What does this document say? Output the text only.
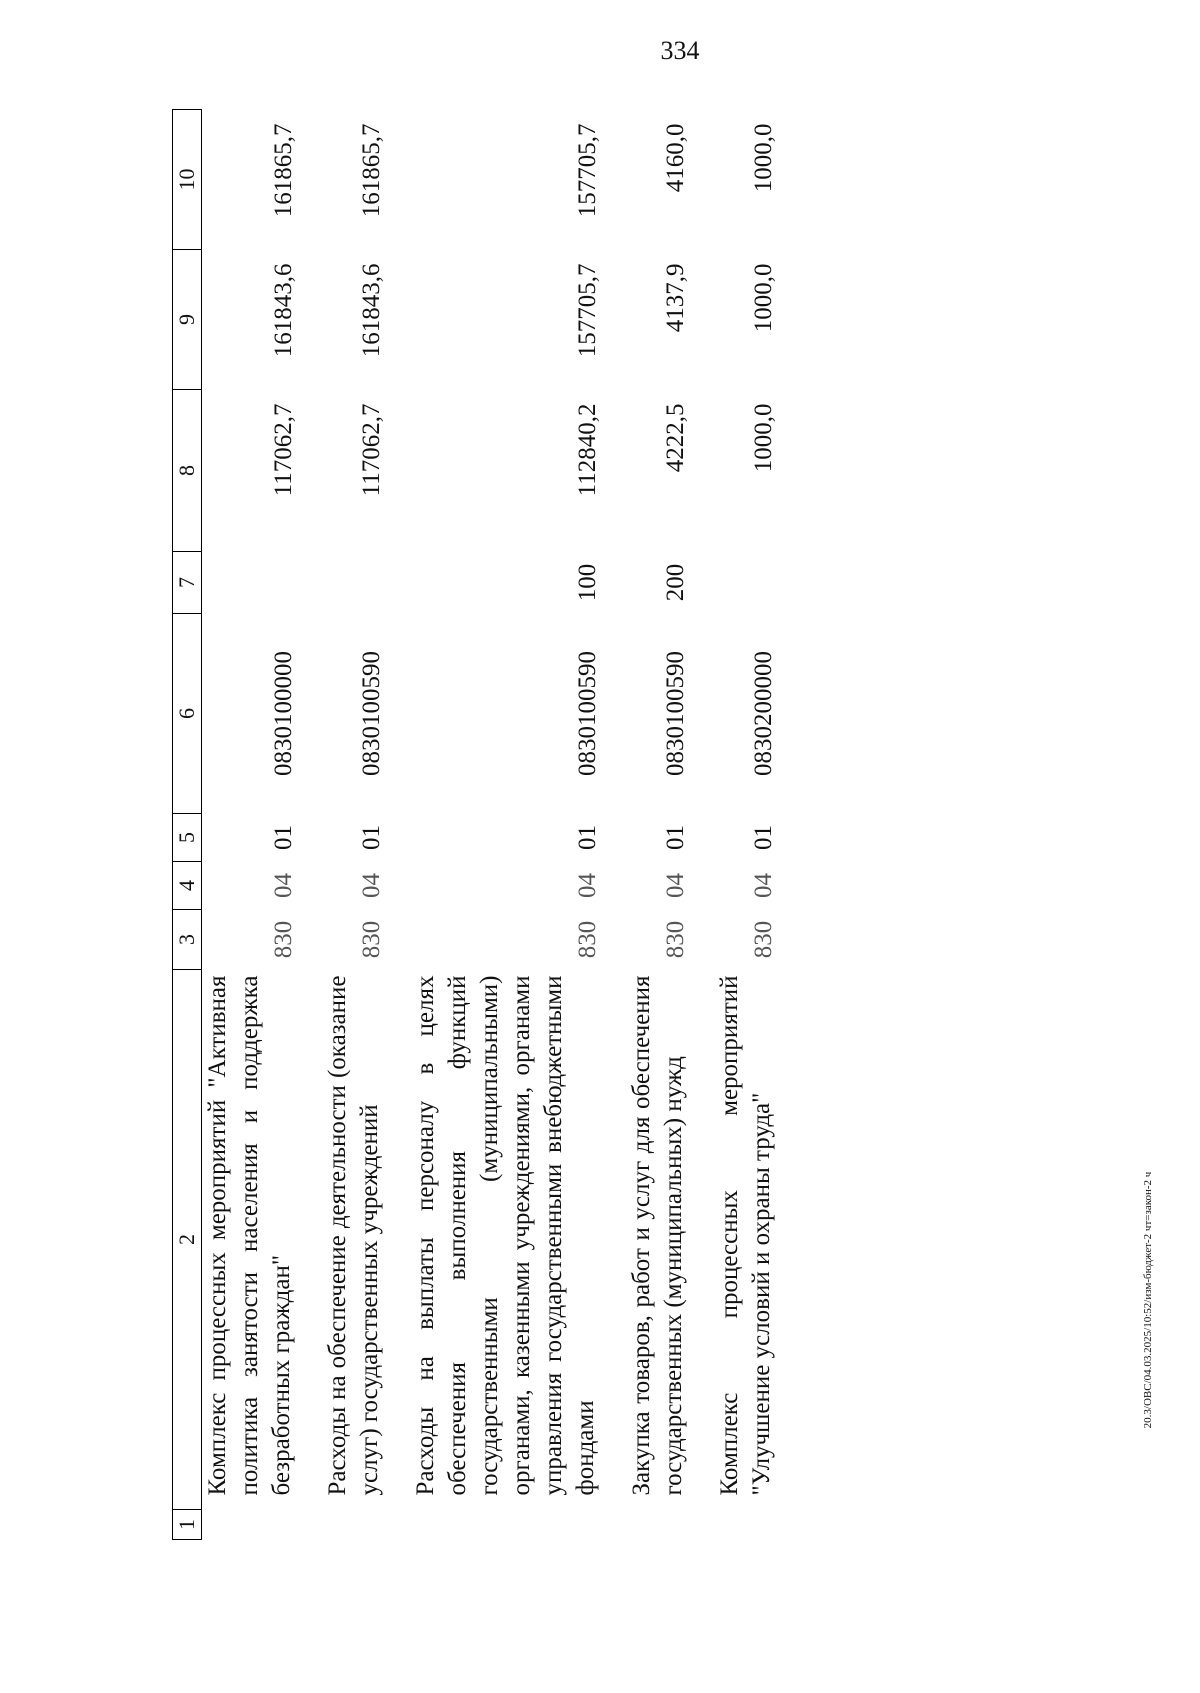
334
20.3/ОВС/04.03.2025/10:52/изм-бюджет-2 чт=закон-2 ч
1	2	3	4	5	6	7	8	9	10
	Комплекс процессных мероприятий "Активная политика занятости населения и поддержка безработных граждан"	830	04	01	0830100000		117062,7	161843,6	161865,7
	Расходы на обеспечение деятельности (оказание услуг) государственных учреждений	830	04	01	0830100590		117062,7	161843,6	161865,7
	Расходы на выплаты персоналу в целях обеспечения выполнения функций государственными (муниципальными) органами, казенными учреждениями, органами управления государственными внебюджетными фондами	830	04	01	0830100590	100	112840,2	157705,7	157705,7
	Закупка товаров, работ и услуг для обеспечения государственных (муниципальных) нужд	830	04	01	0830100590	200	4222,5	4137,9	4160,0
	Комплекс процессных мероприятий "Улучшение условий и охраны труда"	830	04	01	0830200000		1000,0	1000,0	1000,0
